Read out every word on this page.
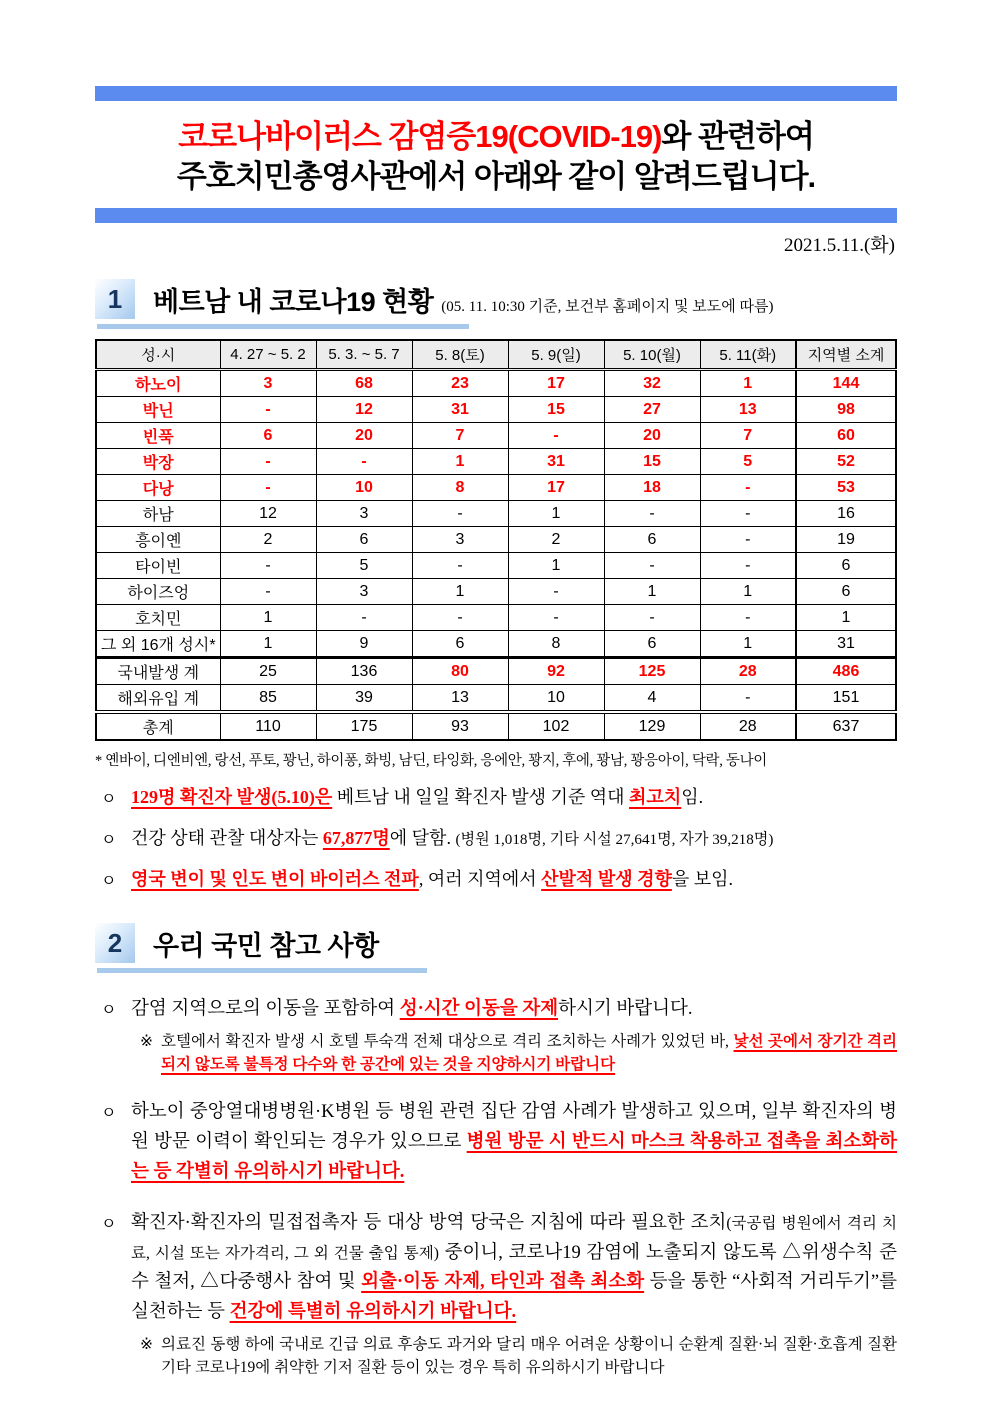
코로나바이러스 감염증19(COVID-19)와 관련하여
주호치민총영사관에서 아래와 같이 알려드립니다.
2021.5.11.(화)
1	베트남 내 코로나19 현황 (05. 11. 10:30 기준, 보건부 홈페이지 및 보도에 따름)
성·시	4. 27 ~ 5. 2	5. 3. ~ 5. 7	5. 8(토)	5. 9(일)	5. 10(월)	5. 11(화)	지역별 소계
하노이	3	68	23	17	32	1	144
박닌	-	12	31	15	27	13	98
빈푹	6	20	7	-	20	7	60
박장	-	-	1	31	15	5	52
다낭	-	10	8	17	18	-	53
하남	12	3	-	1	-	-	16
흥이옌	2	6	3	2	6	-	19
타이빈	-	5	-	1	-	-	6
하이즈엉	-	3	1	-	1	1	6
호치민	1	-	-	-	-	-	1
그 외 16개 성시*	1	9	6	8	6	1	31
국내발생 계	25	136	80	92	125	28	486
해외유입 계	85	39	13	10	4	-	151
총계	110	175	93	102	129	28	637
* 옌바이, 디엔비엔, 랑선, 푸토, 꽝닌, 하이퐁, 화빙, 남딘, 타잉화, 응에안, 꽝지, 후에, 꽝남, 꽝응아이, 닥락, 동나이
ㅇ 129명 확진자 발생(5.10)은 베트남 내 일일 확진자 발생 기준 역대 최고치임.
ㅇ 건강 상태 관찰 대상자는 67,877명에 달함. (병원 1,018명, 기타 시설 27,641명, 자가 39,218명)
ㅇ 영국 변이 및 인도 변이 바이러스 전파, 여러 지역에서 산발적 발생 경향을 보임.
2	우리 국민 참고 사항
ㅇ 감염 지역으로의 이동을 포함하여 성·시간 이동을 자제하시기 바랍니다.
※ 호텔에서 확진자 발생 시 호텔 투숙객 전체 대상으로 격리 조치하는 사례가 있었던 바, 낯선 곳에서 장기간 격리되지 않도록 불특정 다수와 한 공간에 있는 것을 지양하시기 바랍니다
ㅇ 하노이 중앙열대병병원·K병원 등 병원 관련 집단 감염 사례가 발생하고 있으며, 일부 확진자의 병원 방문 이력이 확인되는 경우가 있으므로 병원 방문 시 반드시 마스크 착용하고 접촉을 최소화하는 등 각별히 유의하시기 바랍니다.
ㅇ 확진자·확진자의 밀접접촉자 등 대상 방역 당국은 지침에 따라 필요한 조치(국공립 병원에서 격리 치료, 시설 또는 자가격리, 그 외 건물 출입 통제) 중이니, 코로나19 감염에 노출되지 않도록 △위생수칙 준수 철저, △다중행사 참여 및 외출·이동 자제, 타인과 접촉 최소화 등을 통한 “사회적 거리두기”를 실천하는 등 건강에 특별히 유의하시기 바랍니다.
※ 의료진 동행 하에 국내로 긴급 의료 후송도 과거와 달리 매우 어려운 상황이니 순환계 질환·뇌 질환·호흡계 질환 기타 코로나19에 취약한 기저 질환 등이 있는 경우 특히 유의하시기 바랍니다
